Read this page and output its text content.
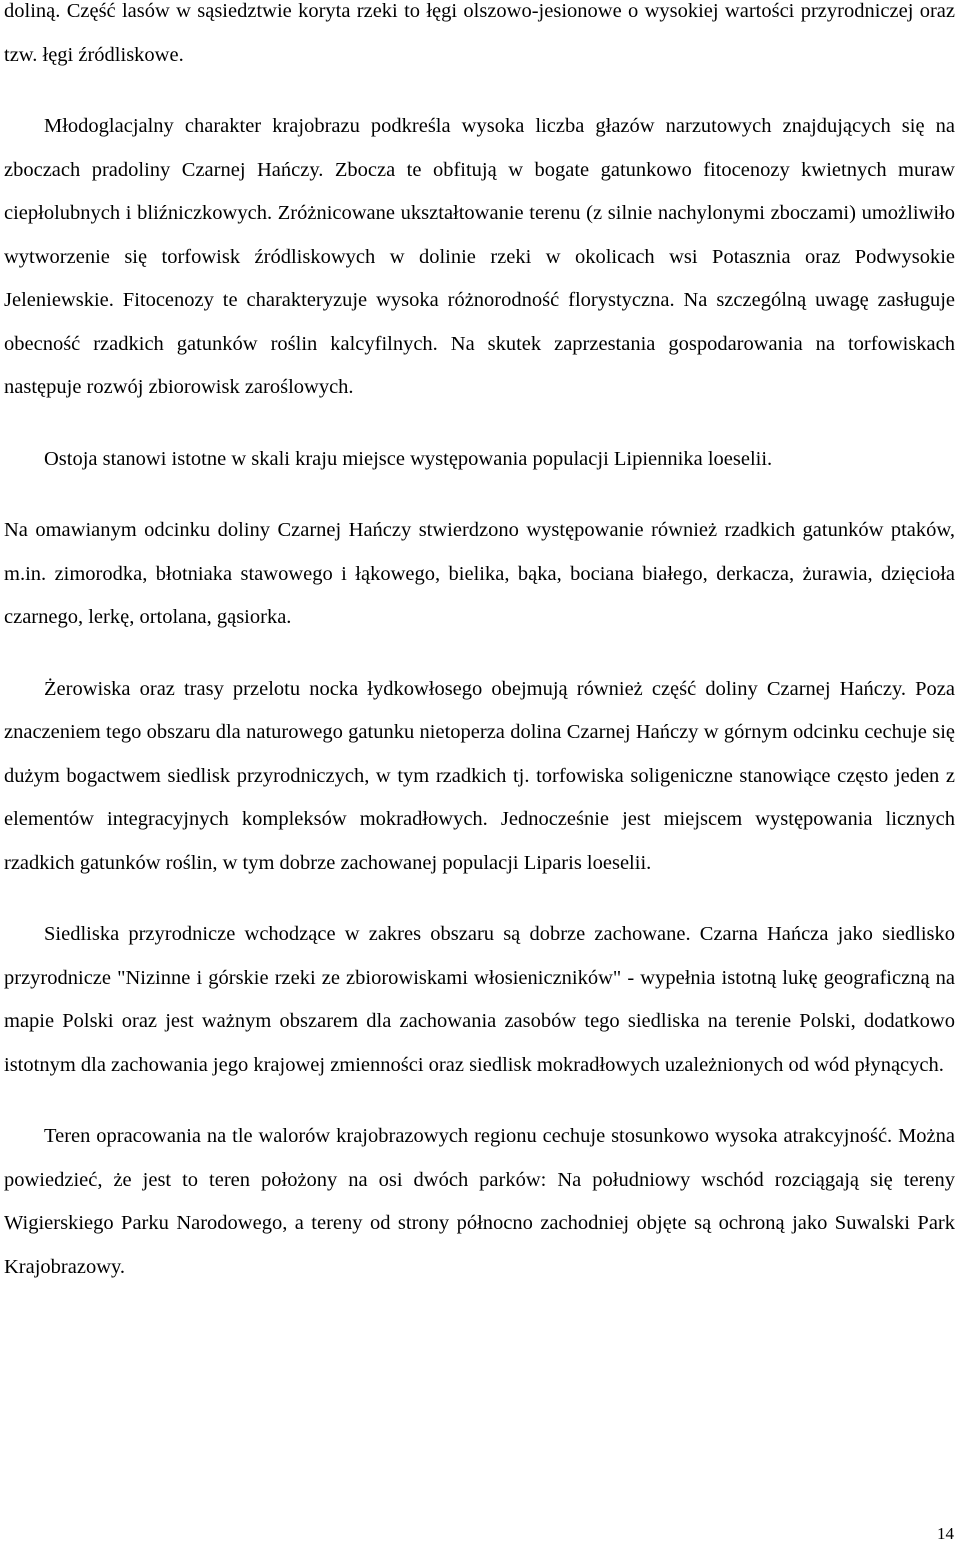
doliną. Część lasów w sąsiedztwie koryta rzeki to łęgi olszowo-jesionowe o wysokiej wartości przyrodniczej oraz tzw. łęgi źródliskowe.

Młodoglacjalny charakter krajobrazu podkreśla wysoka liczba głazów narzutowych znajdujących się na zboczach pradoliny Czarnej Hańczy. Zbocza te obfitują w bogate gatunkowo fitocenozy kwietnych muraw ciepłolubnych i bliźniczkowych. Zróżnicowane ukształtowanie terenu (z silnie nachylonymi zboczami) umożliwiło wytworzenie się torfowisk źródliskowych w dolinie rzeki w okolicach wsi Potasznia oraz Podwysokie Jeleniewskie. Fitocenozy te charakteryzuje wysoka różnorodność florystyczna. Na szczególną uwagę zasługuje obecność rzadkich gatunków roślin kalcyfilnych. Na skutek zaprzestania gospodarowania na torfowiskach następuje rozwój zbiorowisk zaroślowych.

Ostoja stanowi istotne w skali kraju miejsce występowania populacji Lipiennika loeselii.

Na omawianym odcinku doliny Czarnej Hańczy stwierdzono występowanie również rzadkich gatunków ptaków, m.in. zimorodka, błotniaka stawowego i łąkowego, bielika, bąka, bociana białego, derkacza, żurawia, dzięcioła czarnego, lerkę, ortolana, gąsiorka.

Żerowiska oraz trasy przelotu nocka łydkowłosego obejmują również część doliny Czarnej Hańczy. Poza znaczeniem tego obszaru dla naturowego gatunku nietoperza dolina Czarnej Hańczy w górnym odcinku cechuje się dużym bogactwem siedlisk przyrodniczych, w tym rzadkich tj. torfowiska soligeniczne stanowiące często jeden z elementów integracyjnych kompleksów mokradłowych. Jednocześnie jest miejscem występowania licznych rzadkich gatunków roślin, w tym dobrze zachowanej populacji Liparis loeselii.

Siedliska przyrodnicze wchodzące w zakres obszaru są dobrze zachowane. Czarna Hańcza jako siedlisko przyrodnicze "Nizinne i górskie rzeki ze zbiorowiskami włosieniczników" - wypełnia istotną lukę geograficzną na mapie Polski oraz jest ważnym obszarem dla zachowania zasobów tego siedliska na terenie Polski, dodatkowo istotnym dla zachowania jego krajowej zmienności oraz siedlisk mokradłowych uzależnionych od wód płynących.

Teren opracowania na tle walorów krajobrazowych regionu cechuje stosunkowo wysoka atrakcyjność. Można powiedzieć, że jest to teren położony na osi dwóch parków: Na południowy wschód rozciągają się tereny Wigierskiego Parku Narodowego, a tereny od strony północno zachodniej objęte są ochroną jako Suwalski Park Krajobrazowy.

14
